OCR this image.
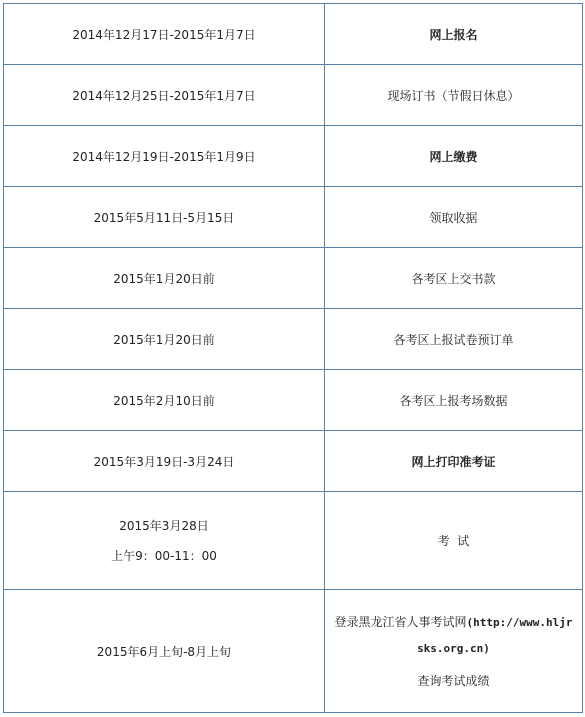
2014年12月17日-2015年1月7日	网上报名
2014年12月25日-2015年1月7日	现场订书（节假日休息）
2014年12月19日-2015年1月9日	网上缴费
2015年5月11日-5月15日	领取收据
2015年1月20日前	各考区上交书款
2015年1月20日前	各考区上报试卷预订单
2015年2月10日前	各考区上报考场数据
2015年3月19日-3月24日	网上打印准考证

2015年3月28日
上午9：00-11：00	考  试
2015年6月上旬-8月上旬	登录黑龙江省人事考试网(http://www.hljr
sks.org.cn)
查询考试成绩
